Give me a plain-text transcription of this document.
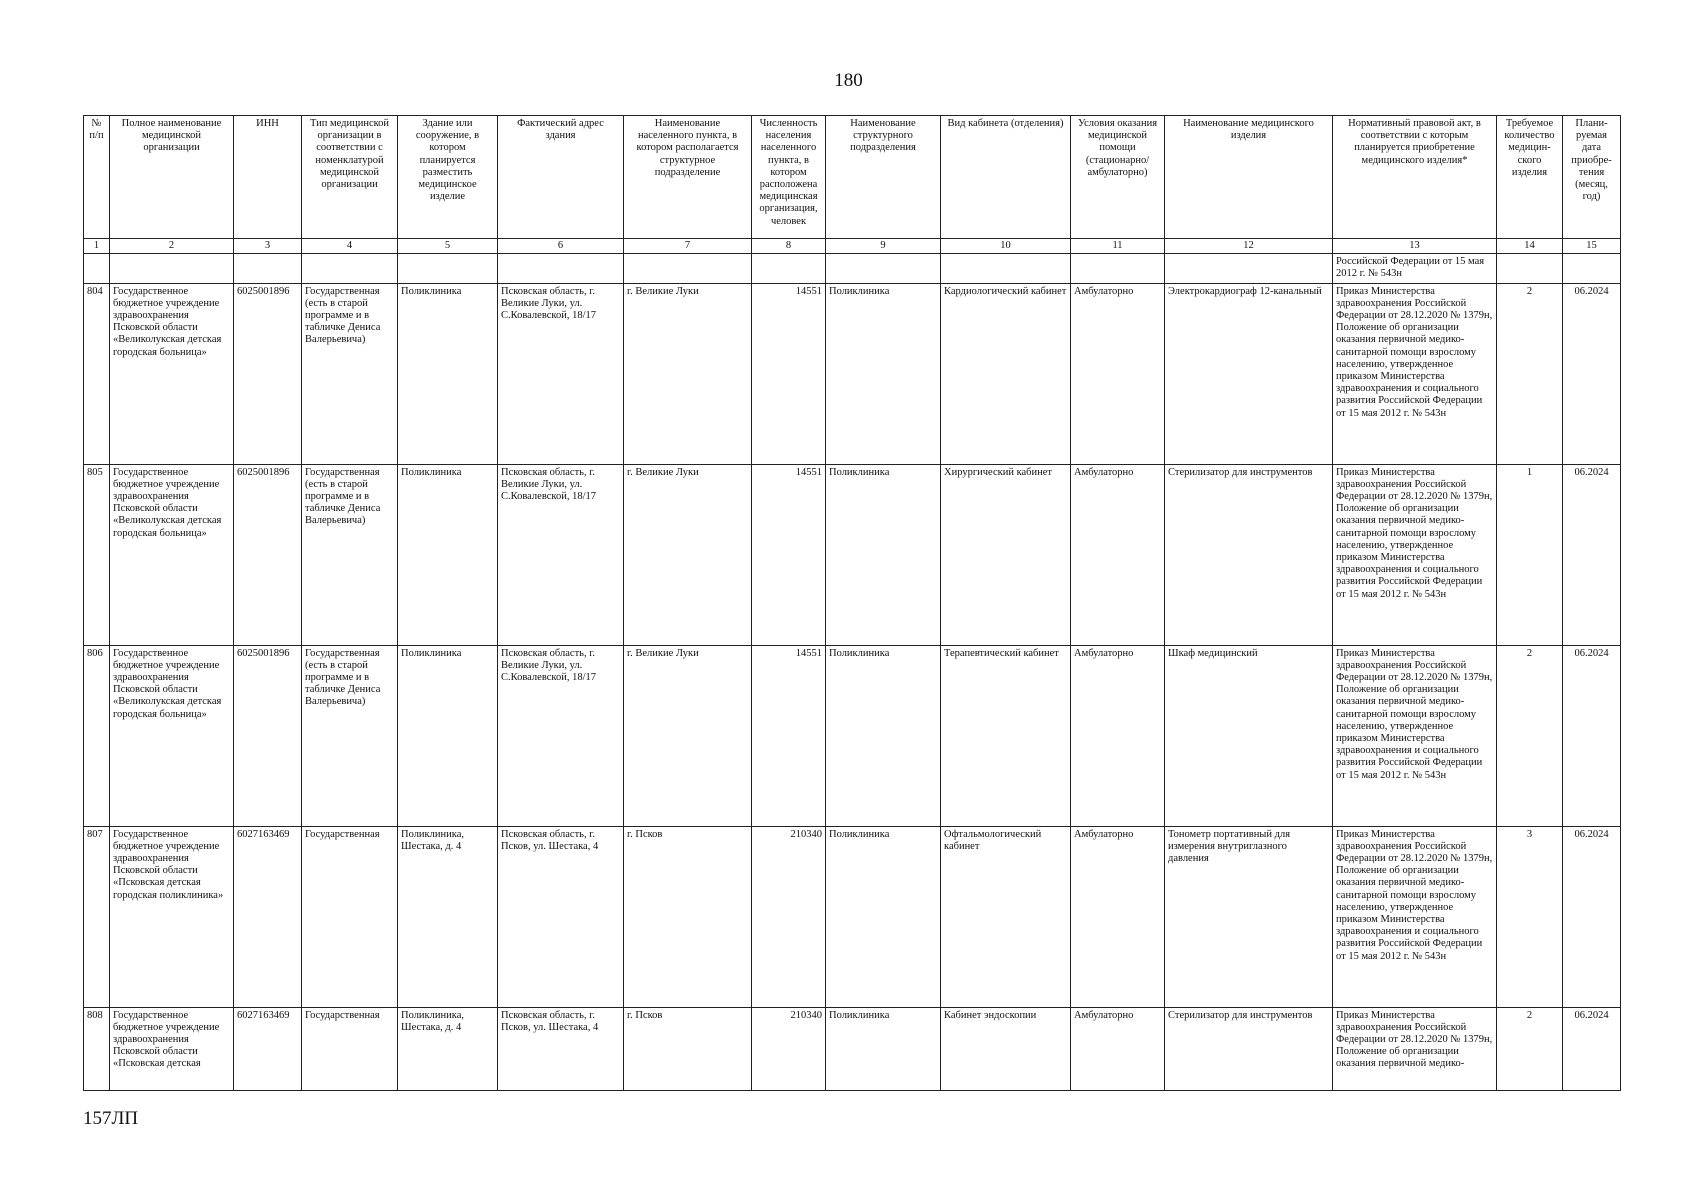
180
№ п/п	Полное наименование медицинской организации	ИНН	Тип медицинской организации в соответствии с номенклатурой медицинской организации	Здание или сооружение, в котором планируется разместить медицинское изделие	Фактический адрес здания	Наименование населенного пункта, в котором располагается структурное подразделение	Численность населения населенного пункта, в котором расположена медицинская организация, человек	Наименование структурного подразделения	Вид кабинета (отделения)	Условия оказания медицинской помощи (стационарно/ амбулаторно)	Наименование медицинского изделия	Нормативный правовой акт, в соответствии с которым планируется приобретение медицинского изделия*	Требуемое количество медицин-ского изделия	Плани-руемая дата приобре-тения (месяц, год)
1	2	3	4	5	6	7	8	9	10	11	12	13	14	15
												Российской Федерации от 15 мая 2012 г. № 543н		
804	Государственное бюджетное учреждение здравоохранения Псковской области «Великолукская детская городская больница»	6025001896	Государственная (есть в старой программе и в табличке Дениса Валерьевича)	Поликлиника	Псковская область, г. Великие Луки, ул. С.Ковалевской, 18/17	г. Великие Луки	14551	Поликлиника	Кардиологический кабинет	Амбулаторно	Электрокардиограф 12-канальный	Приказ Министерства здравоохранения Российской Федерации от 28.12.2020 № 1379н, Положение об организации оказания первичной медико-санитарной помощи взрослому населению, утвержденное приказом Министерства здравоохранения и социального развития Российской Федерации от 15 мая 2012 г. № 543н	2	06.2024
805	Государственное бюджетное учреждение здравоохранения Псковской области «Великолукская детская городская больница»	6025001896	Государственная (есть в старой программе и в табличке Дениса Валерьевича)	Поликлиника	Псковская область, г. Великие Луки, ул. С.Ковалевской, 18/17	г. Великие Луки	14551	Поликлиника	Хирургический кабинет	Амбулаторно	Стерилизатор для инструментов	Приказ Министерства здравоохранения Российской Федерации от 28.12.2020 № 1379н, Положение об организации оказания первичной медико-санитарной помощи взрослому населению, утвержденное приказом Министерства здравоохранения и социального развития Российской Федерации от 15 мая 2012 г. № 543н	1	06.2024
806	Государственное бюджетное учреждение здравоохранения Псковской области «Великолукская детская городская больница»	6025001896	Государственная (есть в старой программе и в табличке Дениса Валерьевича)	Поликлиника	Псковская область, г. Великие Луки, ул. С.Ковалевской, 18/17	г. Великие Луки	14551	Поликлиника	Терапевтический кабинет	Амбулаторно	Шкаф медицинский	Приказ Министерства здравоохранения Российской Федерации от 28.12.2020 № 1379н, Положение об организации оказания первичной медико-санитарной помощи взрослому населению, утвержденное приказом Министерства здравоохранения и социального развития Российской Федерации от 15 мая 2012 г. № 543н	2	06.2024
807	Государственное бюджетное учреждение здравоохранения Псковской области «Псковская детская городская поликлиника»	6027163469	Государственная	Поликлиника, Шестака, д. 4	Псковская область, г. Псков, ул. Шестака, 4	г. Псков	210340	Поликлиника	Офтальмологический кабинет	Амбулаторно	Тонометр портативный для измерения внутриглазного давления	Приказ Министерства здравоохранения Российской Федерации от 28.12.2020 № 1379н, Положение об организации оказания первичной медико-санитарной помощи взрослому населению, утвержденное приказом Министерства здравоохранения и социального развития Российской Федерации от 15 мая 2012 г. № 543н	3	06.2024
808	Государственное бюджетное учреждение здравоохранения Псковской области «Псковская детская	6027163469	Государственная	Поликлиника, Шестака, д. 4	Псковская область, г. Псков, ул. Шестака, 4	г. Псков	210340	Поликлиника	Кабинет эндоскопии	Амбулаторно	Стерилизатор для инструментов	Приказ Министерства здравоохранения Российской Федерации от 28.12.2020 № 1379н, Положение об организации оказания первичной медико-	2	06.2024
157ЛП
